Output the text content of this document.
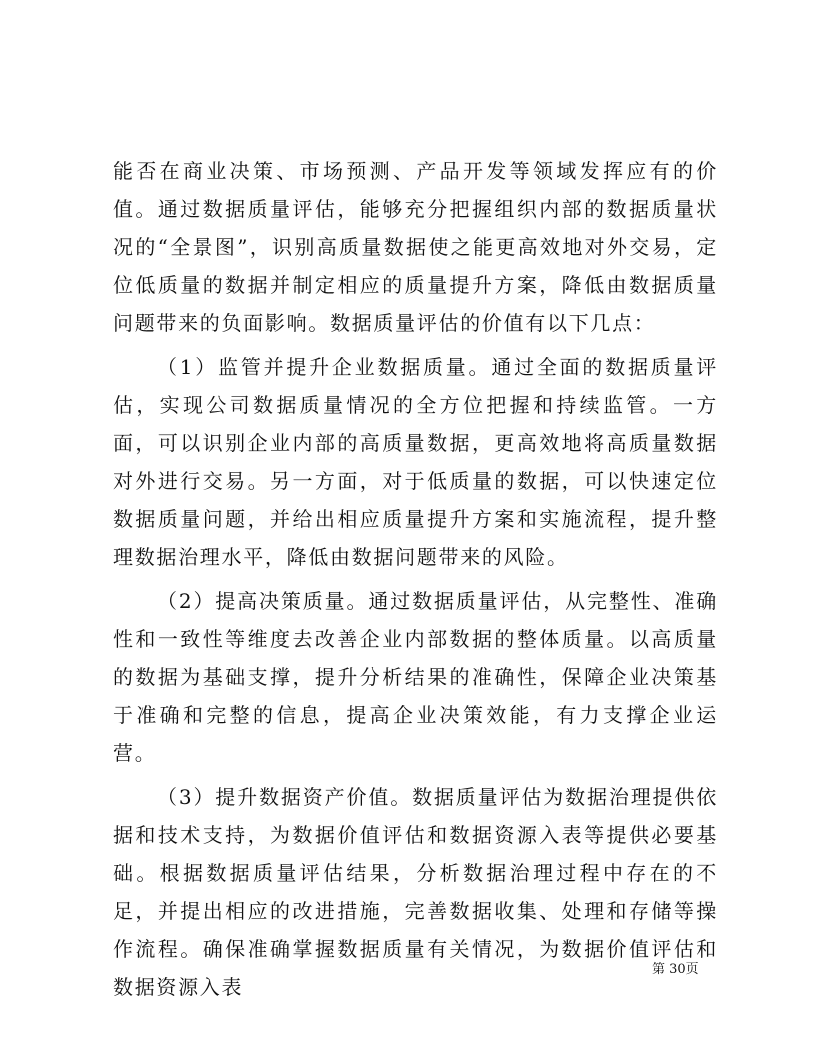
能否在商业决策、市场预测、产品开发等领域发挥应有的价值。通过数据质量评估，能够充分把握组织内部的数据质量状况的“全景图”，识别高质量数据使之能更高效地对外交易，定位低质量的数据并制定相应的质量提升方案，降低由数据质量问题带来的负面影响。数据质量评估的价值有以下几点：

（1）监管并提升企业数据质量。通过全面的数据质量评估，实现公司数据质量情况的全方位把握和持续监管。一方面，可以识别企业内部的高质量数据，更高效地将高质量数据对外进行交易。另一方面，对于低质量的数据，可以快速定位数据质量问题，并给出相应质量提升方案和实施流程，提升整理数据治理水平，降低由数据问题带来的风险。

（2）提高决策质量。通过数据质量评估，从完整性、准确性和一致性等维度去改善企业内部数据的整体质量。以高质量的数据为基础支撑，提升分析结果的准确性，保障企业决策基于准确和完整的信息，提高企业决策效能，有力支撑企业运营。

（3）提升数据资产价值。数据质量评估为数据治理提供依据和技术支持，为数据价值评估和数据资源入表等提供必要基础。根据数据质量评估结果，分析数据治理过程中存在的不足，并提出相应的改进措施，完善数据收集、处理和存储等操作流程。确保准确掌握数据质量有关情况，为数据价值评估和数据资源入表

第 30页
